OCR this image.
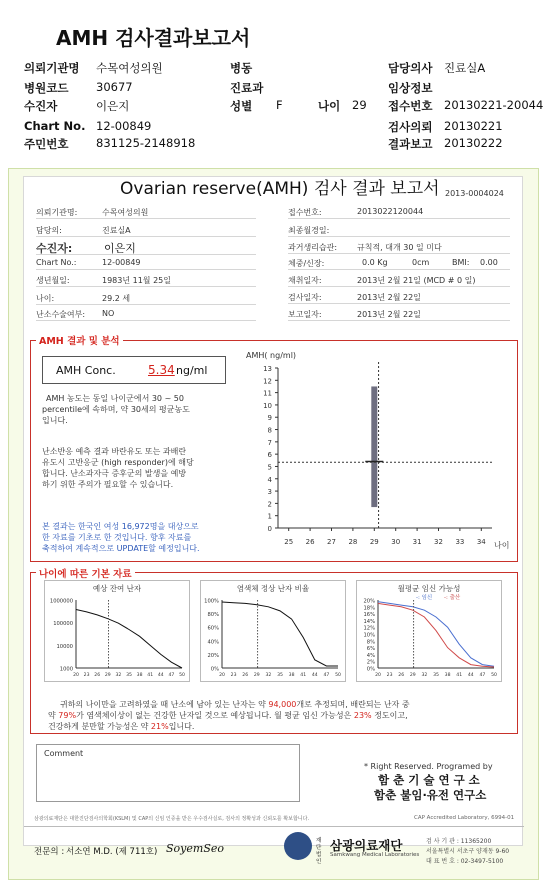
AMH 검사결과보고서
의뢰기관명 수목여성의원	병동	담당의사 진료실A
병원코드 30677	진료과	임상정보
수진자	이은지	성별 F	나이 29 접수번호 20130221-20044
Chart No. 12-00849	검사의뢰 20130221
주민번호 831125-2148918	결과보고 20130222
Ovarian reserve(AMH) 검사 결과 보고서 2013-0004024
의뢰기관명:	수목여성의원
담당의:	진료실A
수진자:	이은지
Chart No.:	12-00849
생년월일:	1983년 11월 25일
나이:	29.2 세
난소수술여부: NO
접수번호:	2013022120044
최종월경일:
과거생리습관: 규칙적, 대개 30 일 미다
체중/신장:	0.0 Kg	0cm	BMI: 0.00
채취일자:	2013년 2월 21일 (MCD # 0 일)
검사일자:	2013년 2월 22일
보고일자:	2013년 2월 22일
AMH 결과 및 분석
AMH Conc.	5.34 ng/ml
AMH 농도는 동일 나이군에서 30 ~ 50
percentile에 속하며, 약 30세의 평균농도
입니다.
난소반응 예측 결과 바란유도 또는 과배란
유도시 고반응군 (high responder)에 해당
합니다. 난소과자극 증후군의 발생을 예방
하기 위한 주의가 필요할 수 있습니다.
본 결과는 한국인 여성 16,972명을 대상으로
한 자료를 기초로 한 것입니다. 향후 자료를
축적하여 계속적으로 UPDATE할 예정입니다.
AMH( ng/ml)
0
1
2
3
4
5
6
7
8
9
10
11
12
13
25 26 27 28 29 30 31 32 33 34 나이
나이에 따른 기본 자료
예상 잔여 난자
1000000
100000
10000
1000
20 23 26 29 32 35 38 41 44 47 50
염색체 정상 난자 비율
100%
80%
60%
40%
20%
0%
20 23 26 29 32 35 38 41 44 47 50
월평균 임신 가능성
20%
18%
16%
14%
12%
10%
8%
6%
4%
2%
0%
20 23 26 29 32 35 38 41 44 47 50
-: 임신 -: 출산
귀하의 나이만을 고려하였을 때 난소에 남아 있는 난자는 약 94,000개로 추정되며, 배란되는 난자 중
약 79%가 염색체이상이 없는 건강한 난자일 것으로 예상됩니다. 월 평균 임신 가능성은 23% 정도이고,
건강하게 분만할 가능성은 약 21%입니다.
Comment
* Right Reserved. Programed by
함 춘 기 술 연 구 소
함춘 불임·유전 연구소
삼광의료재단은 대한진단검사의학회(KSLM) 및 CAP의 신임 인증을 받은 우수검사실로, 검사의 정확성과 신뢰도를 확보합니다.	CAP Accredited Laboratory, 6994-01
전문의 : 서소연 M.D. (제 711호) SoyemSeo
재단 법인
삼광의료재단
Samkwang Medical Laboratories
검 사 기 관 : 11365200
서울특별시 서초구 양재동 9-60
대 표 번 호 : 02-3497-5100
